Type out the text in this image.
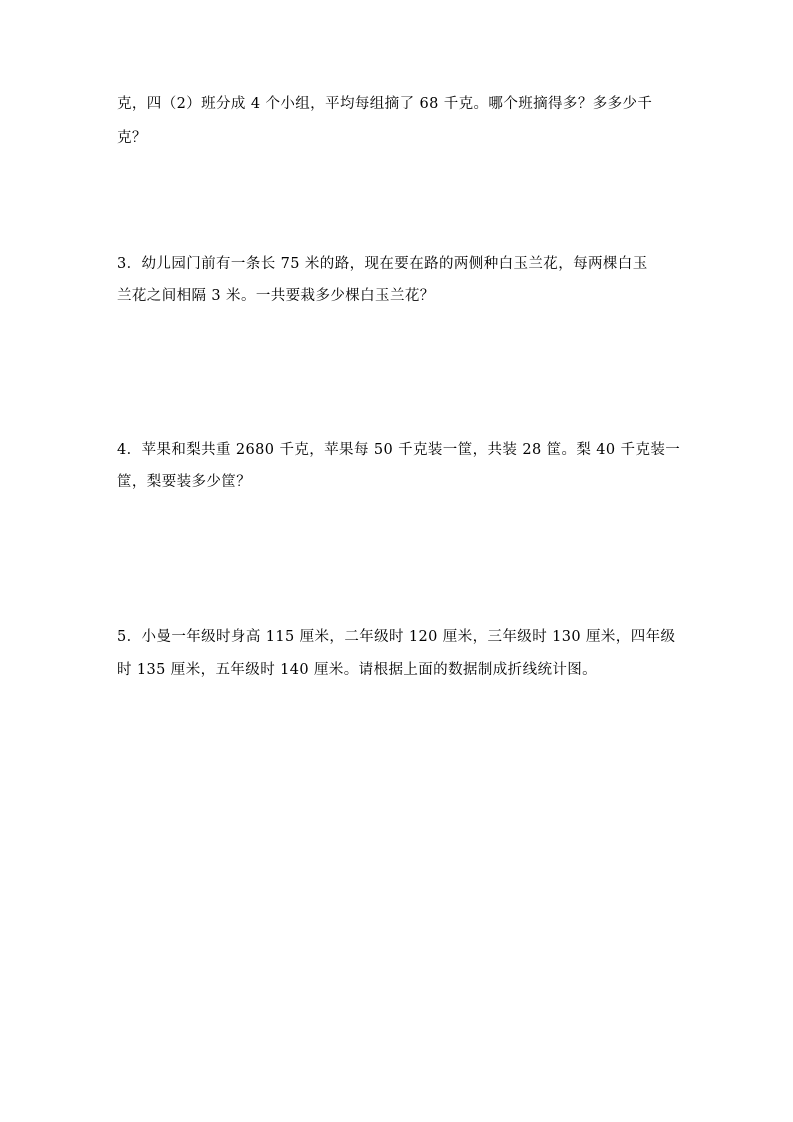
克，四（2）班分成 4 个小组，平均每组摘了 68 千克。哪个班摘得多？多多少千
克？
3．幼儿园门前有一条长 75 米的路，现在要在路的两侧种白玉兰花，每两棵白玉
兰花之间相隔 3 米。一共要栽多少棵白玉兰花？
4．苹果和梨共重 2680 千克，苹果每 50 千克装一筐，共装 28 筐。梨 40 千克装一
筐，梨要装多少筐？
5．小曼一年级时身高 115 厘米，二年级时 120 厘米，三年级时 130 厘米，四年级
时 135 厘米，五年级时 140 厘米。请根据上面的数据制成折线统计图。
